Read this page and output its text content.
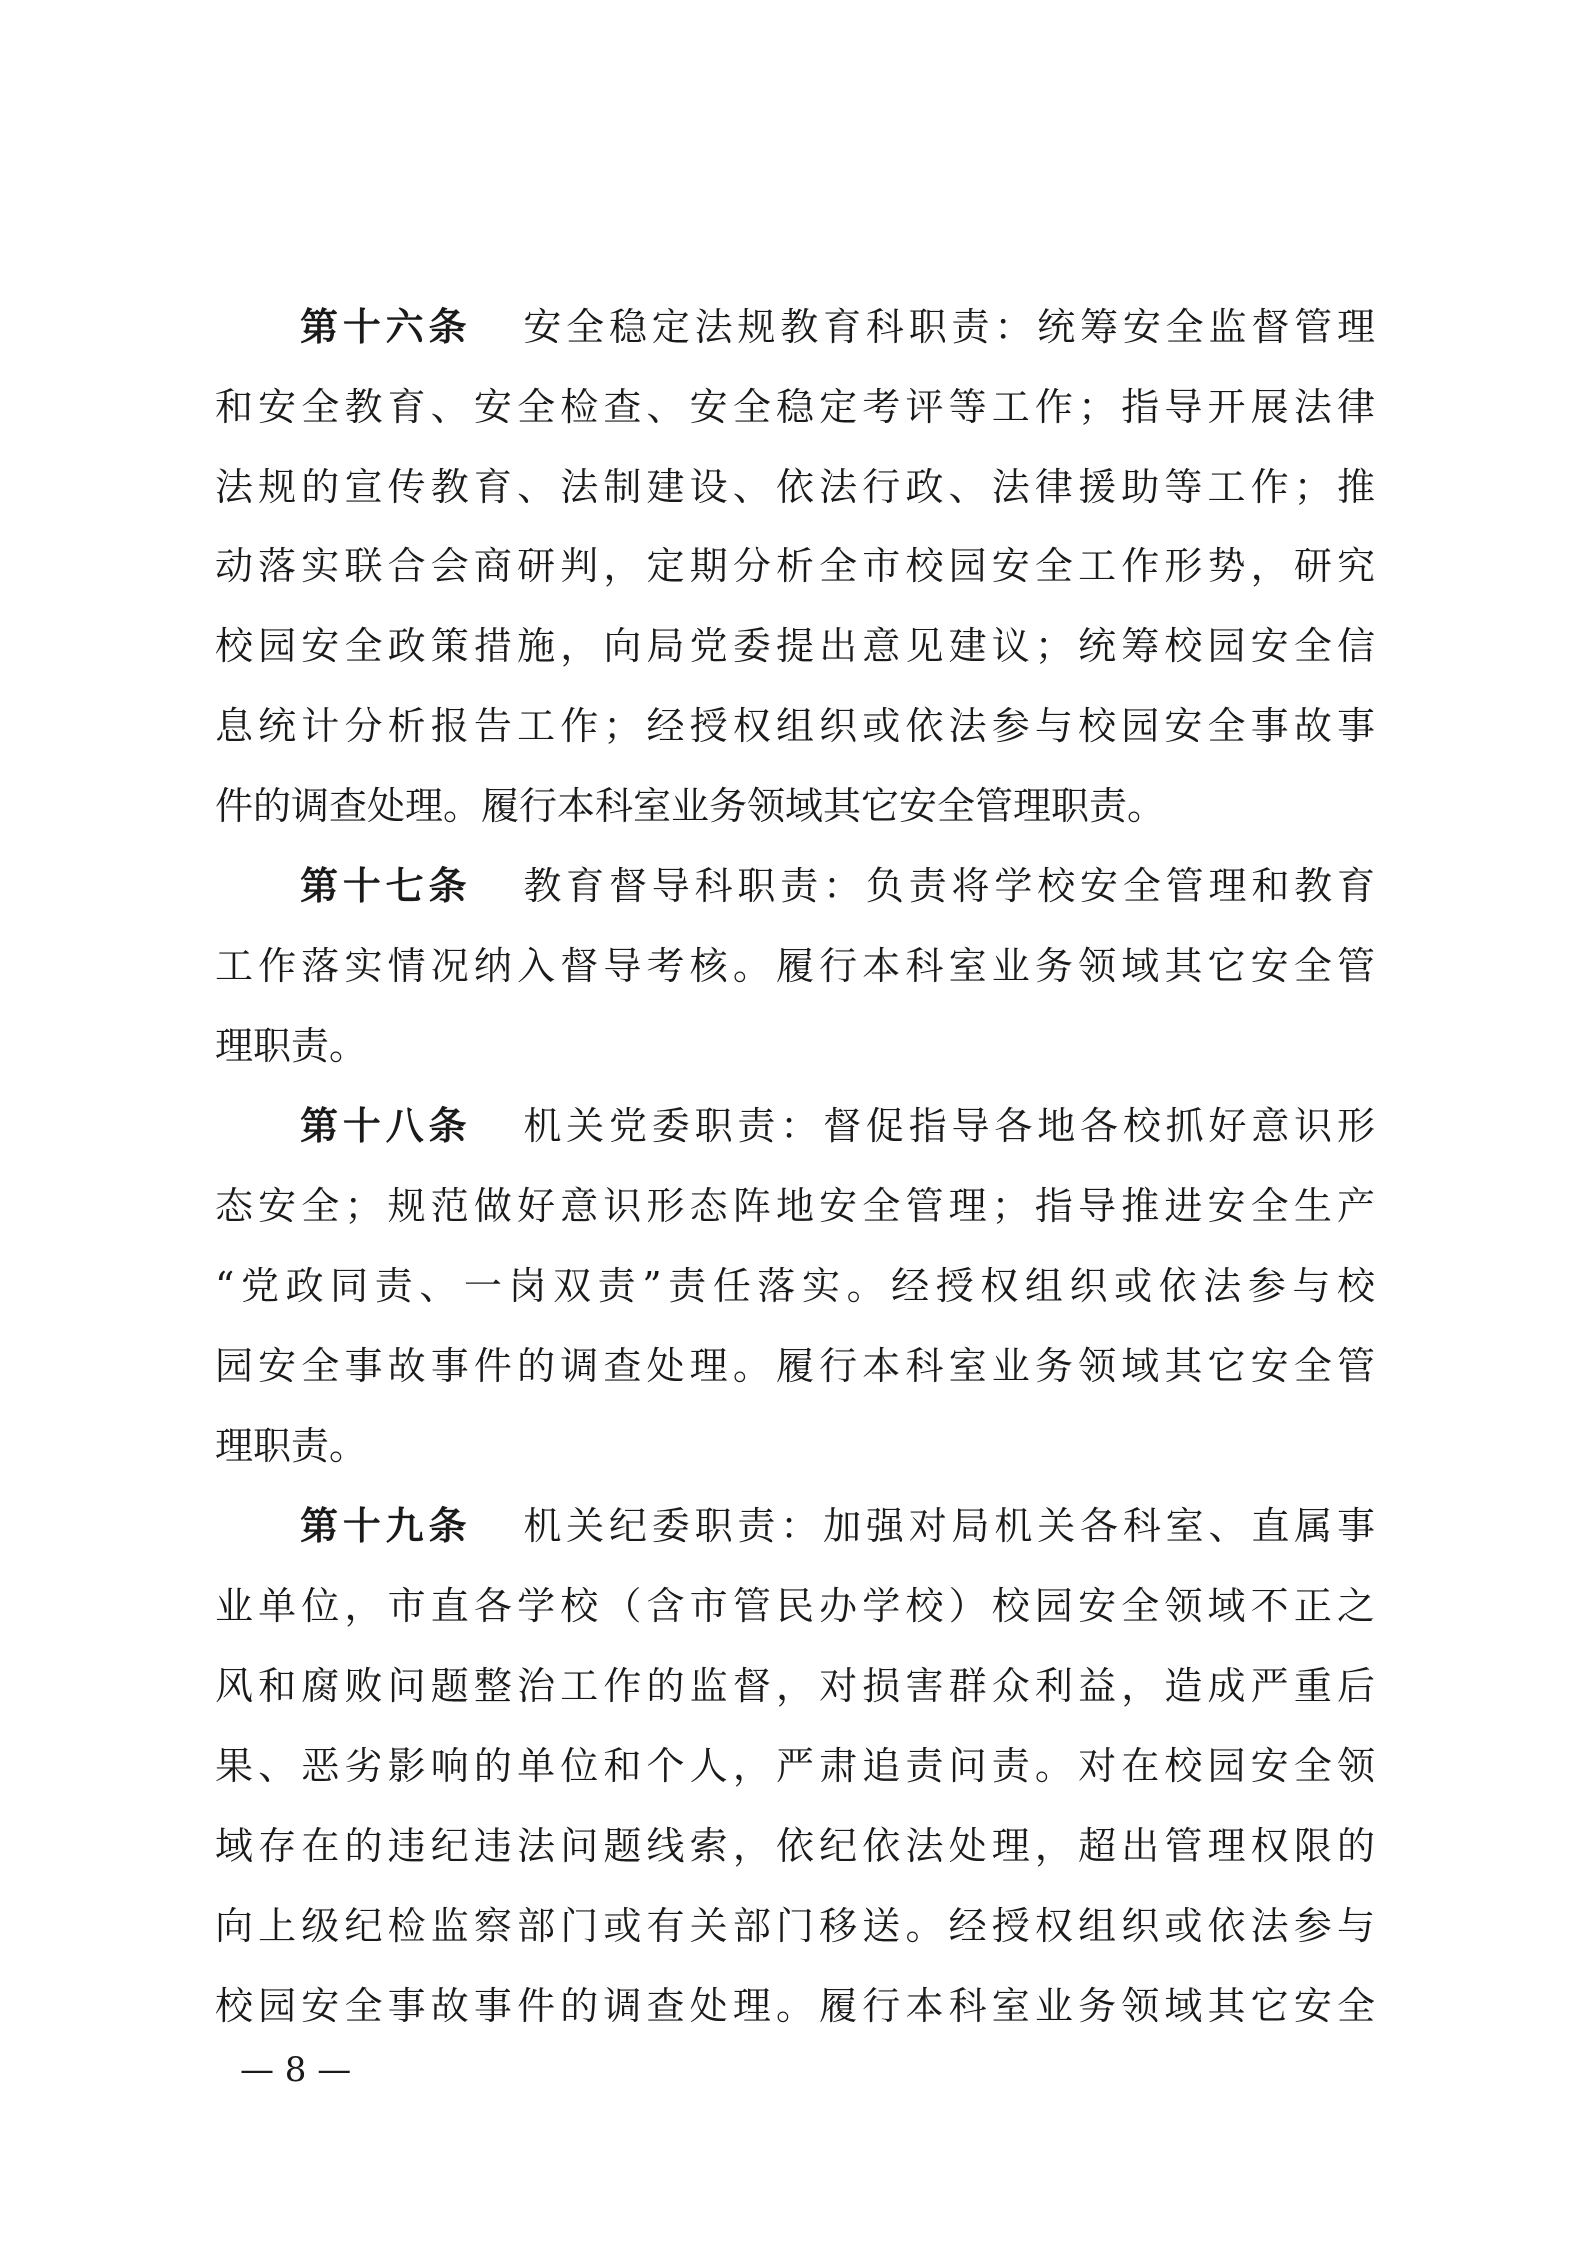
第十六条 安全稳定法规教育科职责：统筹安全监督管理
和安全教育、安全检查、安全稳定考评等工作；指导开展法律
法规的宣传教育、法制建设、依法行政、法律援助等工作；推
动落实联合会商研判，定期分析全市校园安全工作形势，研究
校园安全政策措施，向局党委提出意见建议；统筹校园安全信
息统计分析报告工作；经授权组织或依法参与校园安全事故事
件的调查处理。履行本科室业务领域其它安全管理职责。
第十七条 教育督导科职责：负责将学校安全管理和教育
工作落实情况纳入督导考核。履行本科室业务领域其它安全管
理职责。
第十八条 机关党委职责：督促指导各地各校抓好意识形
态安全；规范做好意识形态阵地安全管理；指导推进安全生产
“党政同责、一岗双责”责任落实。经授权组织或依法参与校
园安全事故事件的调查处理。履行本科室业务领域其它安全管
理职责。
第十九条 机关纪委职责：加强对局机关各科室、直属事
业单位，市直各学校（含市管民办学校）校园安全领域不正之
风和腐败问题整治工作的监督，对损害群众利益，造成严重后
果、恶劣影响的单位和个人，严肃追责问责。对在校园安全领
域存在的违纪违法问题线索，依纪依法处理，超出管理权限的
向上级纪检监察部门或有关部门移送。经授权组织或依法参与
校园安全事故事件的调查处理。履行本科室业务领域其它安全
— 8 —
